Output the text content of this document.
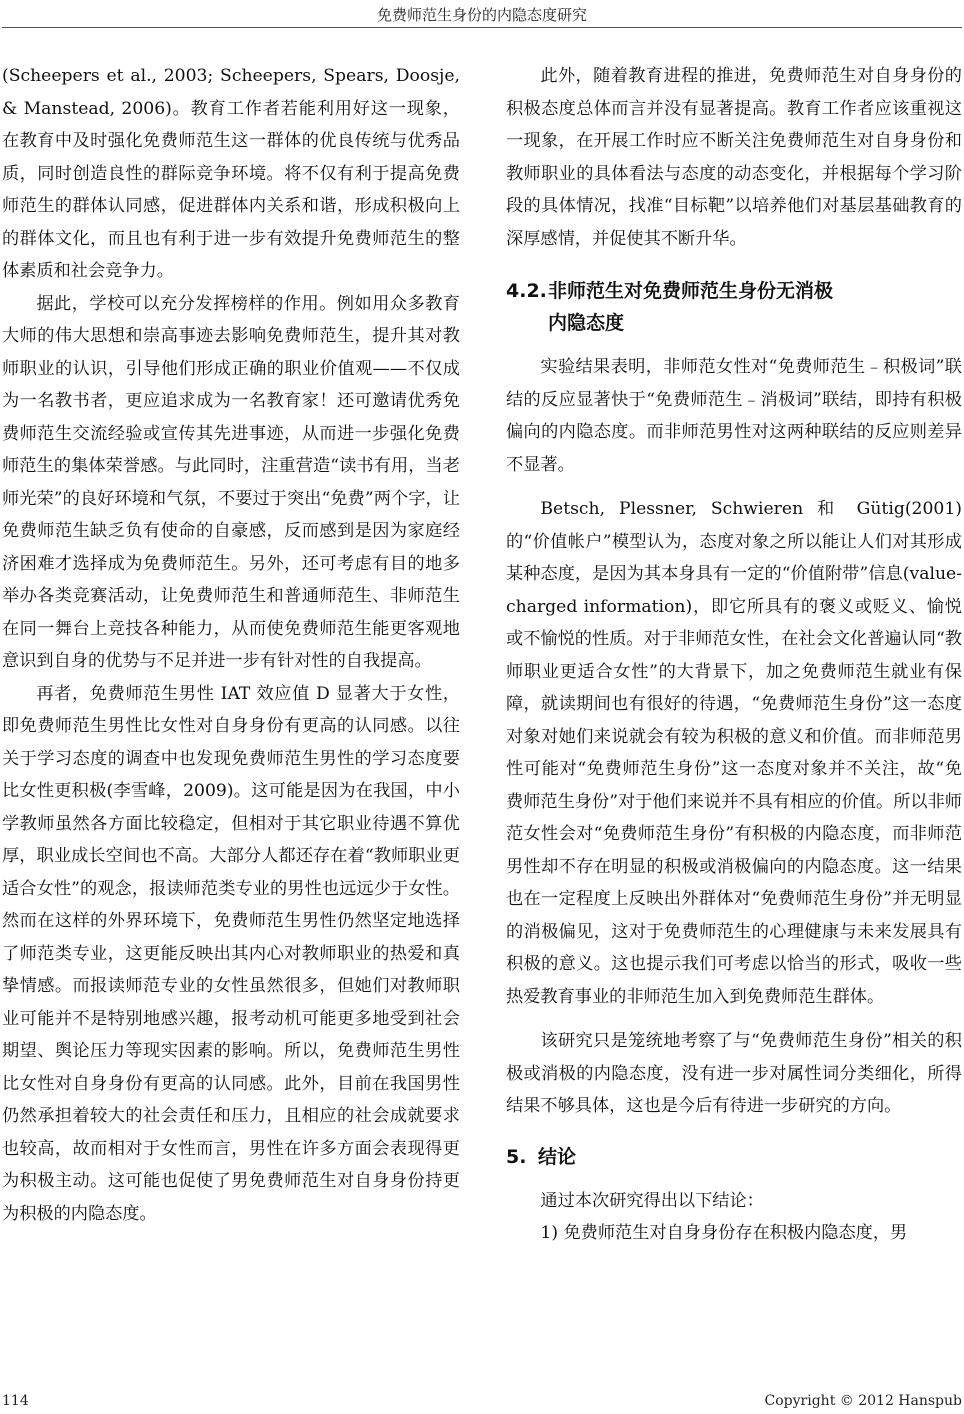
免费师范生身份的内隐态度研究

(Scheepers et al., 2003; Scheepers, Spears, Doosje, & Manstead, 2006)。教育工作者若能利用好这一现象，在教育中及时强化免费师范生这一群体的优良传统与优秀品质，同时创造良性的群际竞争环境。将不仅有利于提高免费师范生的群体认同感，促进群体内关系和谐，形成积极向上的群体文化，而且也有利于进一步有效提升免费师范生的整体素质和社会竞争力。

据此，学校可以充分发挥榜样的作用。例如用众多教育大师的伟大思想和崇高事迹去影响免费师范生，提升其对教师职业的认识，引导他们形成正确的职业价值观——不仅成为一名教书者，更应追求成为一名教育家！还可邀请优秀免费师范生交流经验或宣传其先进事迹，从而进一步强化免费师范生的集体荣誉感。与此同时，注重营造“读书有用，当老师光荣”的良好环境和气氛，不要过于突出“免费”两个字，让免费师范生缺乏负有使命的自豪感，反而感到是因为家庭经济困难才选择成为免费师范生。另外，还可考虑有目的地多举办各类竞赛活动，让免费师范生和普通师范生、非师范生在同一舞台上竞技各种能力，从而使免费师范生能更客观地意识到自身的优势与不足并进一步有针对性的自我提高。

再者，免费师范生男性 IAT 效应值 D 显著大于女性，即免费师范生男性比女性对自身身份有更高的认同感。以往关于学习态度的调查中也发现免费师范生男性的学习态度要比女性更积极(李雪峰，2009)。这可能是因为在我国，中小学教师虽然各方面比较稳定，但相对于其它职业待遇不算优厚，职业成长空间也不高。大部分人都还存在着“教师职业更适合女性”的观念，报读师范类专业的男性也远远少于女性。然而在这样的外界环境下，免费师范生男性仍然坚定地选择了师范类专业，这更能反映出其内心对教师职业的热爱和真挚情感。而报读师范专业的女性虽然很多，但她们对教师职业可能并不是特别地感兴趣，报考动机可能更多地受到社会期望、舆论压力等现实因素的影响。所以，免费师范生男性比女性对自身身份有更高的认同感。此外，目前在我国男性仍然承担着较大的社会责任和压力，且相应的社会成就要求也较高，故而相对于女性而言，男性在许多方面会表现得更为积极主动。这可能也促使了男免费师范生对自身身份持更为积极的内隐态度。

此外，随着教育进程的推进，免费师范生对自身身份的积极态度总体而言并没有显著提高。教育工作者应该重视这一现象，在开展工作时应不断关注免费师范生对自身身份和教师职业的具体看法与态度的动态变化，并根据每个学习阶段的具体情况，找准“目标靶”以培养他们对基层基础教育的深厚感情，并促使其不断升华。

4.2.非师范生对免费师范生身份无消极
内隐态度

实验结果表明，非师范女性对“免费师范生﹣积极词”联结的反应显著快于“免费师范生﹣消极词”联结，即持有积极偏向的内隐态度。而非师范男性对这两种联结的反应则差异不显著。

Betsch, Plessner, Schwieren 和 Gütig(2001)的“价值帐户”模型认为，态度对象之所以能让人们对其形成某种态度，是因为其本身具有一定的“价值附带”信息(value-charged information)，即它所具有的褒义或贬义、愉悦或不愉悦的性质。对于非师范女性，在社会文化普遍认同“教师职业更适合女性”的大背景下，加之免费师范生就业有保障，就读期间也有很好的待遇，“免费师范生身份”这一态度对象对她们来说就会有较为积极的意义和价值。而非师范男性可能对“免费师范生身份”这一态度对象并不关注，故“免费师范生身份”对于他们来说并不具有相应的价值。所以非师范女性会对“免费师范生身份”有积极的内隐态度，而非师范男性却不存在明显的积极或消极偏向的内隐态度。这一结果也在一定程度上反映出外群体对“免费师范生身份”并无明显的消极偏见，这对于免费师范生的心理健康与未来发展具有积极的意义。这也提示我们可考虑以恰当的形式，吸收一些热爱教育事业的非师范生加入到免费师范生群体。

该研究只是笼统地考察了与“免费师范生身份”相关的积极或消极的内隐态度，没有进一步对属性词分类细化，所得结果不够具体，这也是今后有待进一步研究的方向。

5. 结论

通过本次研究得出以下结论：

1) 免费师范生对自身身份存在积极内隐态度，男

114	Copyright © 2012 Hanspub
